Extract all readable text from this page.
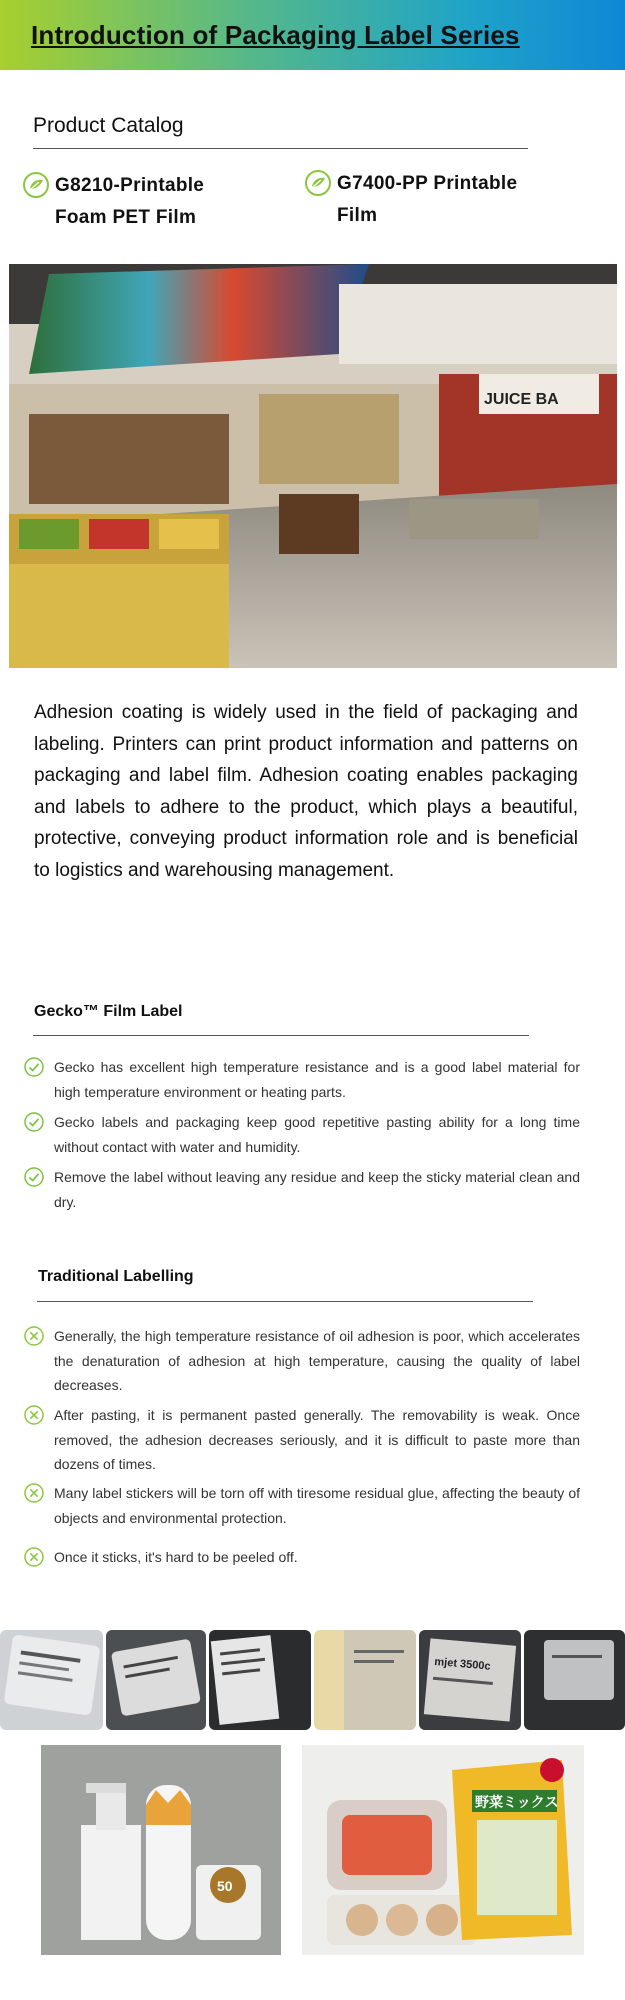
Introduction of Packaging Label Series
Product Catalog
G8210-Printable
Foam PET Film
G7400-PP Printable
Film
JUICE BA
Adhesion coating is widely used in the field of packaging and labeling. Printers can print product information and patterns on packaging and label film. Adhesion coating enables packaging and labels to adhere to the product, which plays a beautiful, protective, conveying product information role and is beneficial to logistics and warehousing management.
Gecko™ Film Label
Gecko has excellent high temperature resistance and is a good label material for high temperature environment or heating parts.
Gecko labels and packaging keep good repetitive pasting ability for a long time without contact with water and humidity.
Remove the label without leaving any residue and keep the sticky material clean and dry.
Traditional Labelling
Generally, the high temperature resistance of oil adhesion is poor, which accelerates the denaturation of adhesion at high temperature, causing the quality of label decreases.
After pasting, it is permanent pasted generally. The removability is weak. Once removed, the adhesion decreases seriously, and it is difficult to paste more than dozens of times.
Many label stickers will be torn off with tiresome residual glue, affecting the beauty of objects and environmental protection.
Once it sticks, it's hard to be peeled off.
mjet 3500c
50
野菜ミックス
